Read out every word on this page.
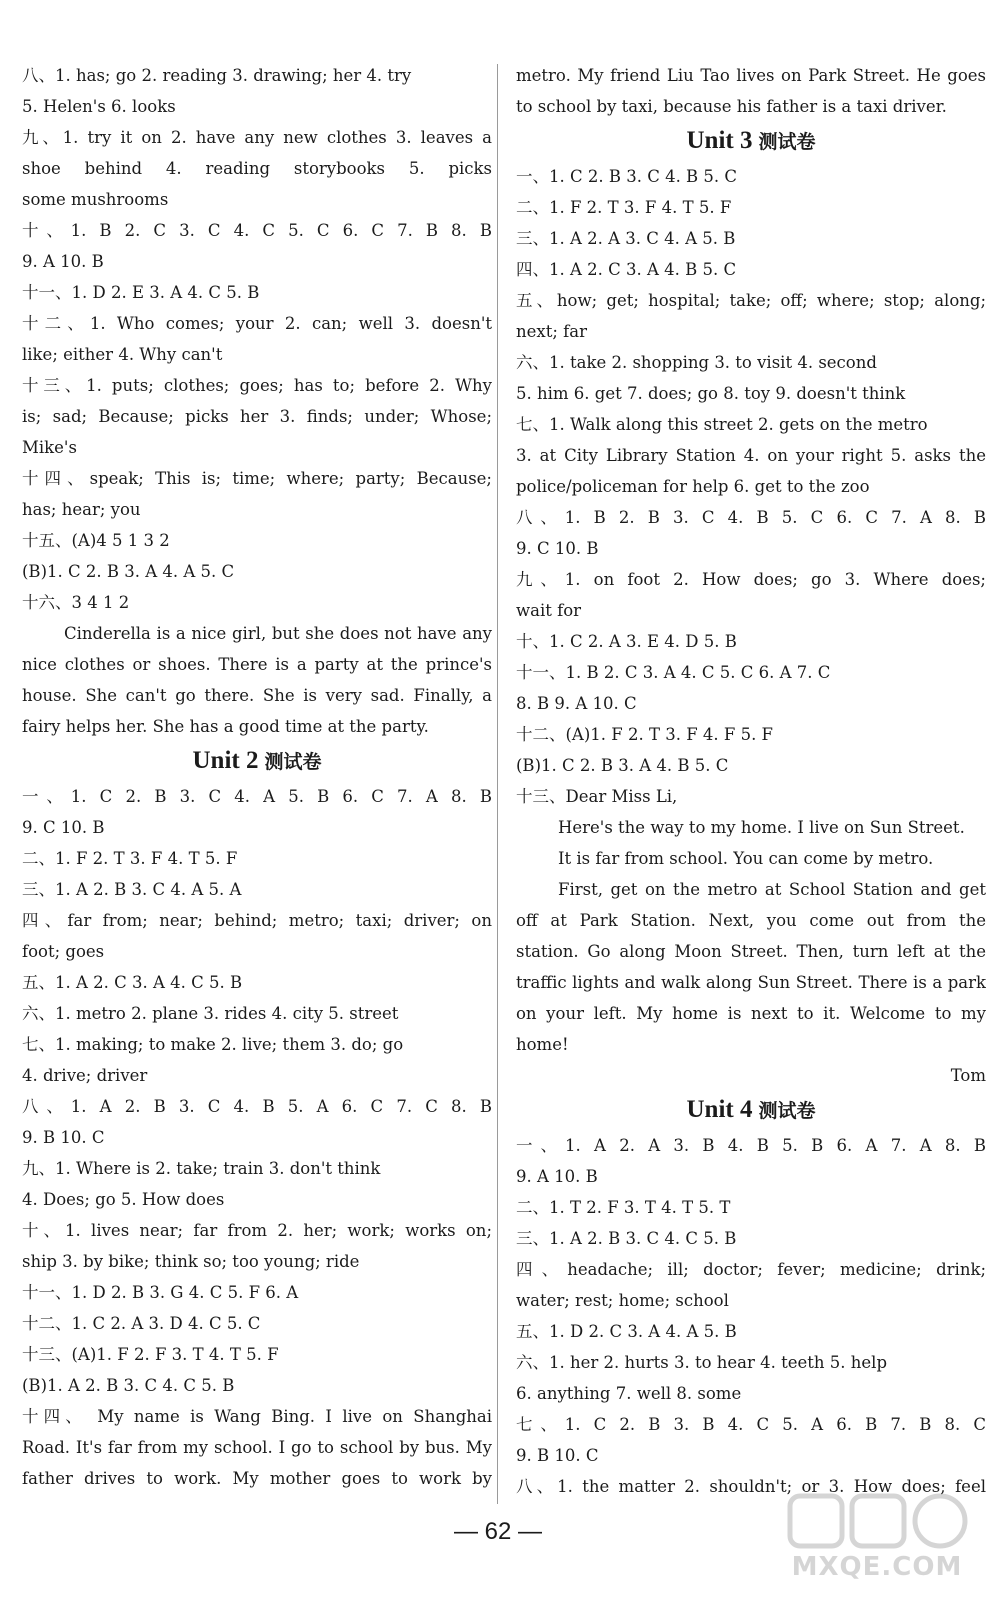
八、1. has; go 2. reading 3. drawing; her 4. try
5. Helen's 6. looks
九、1. try it on 2. have any new clothes 3. leaves a
shoe behind 4. reading storybooks 5. picks
some mushrooms
十、1. B 2. C 3. C 4. C 5. C 6. C 7. B 8. B
9. A 10. B
十一、1. D 2. E 3. A 4. C 5. B
十二、1. Who comes; your 2. can; well 3. doesn't
like; either 4. Why can't
十三、1. puts; clothes; goes; has to; before 2. Why
is; sad; Because; picks her 3. finds; under; Whose;
Mike's
十四、speak; This is; time; where; party; Because;
has; hear; you
十五、(A)4 5 1 3 2
(B)1. C 2. B 3. A 4. A 5. C
十六、3 4 1 2
Cinderella is a nice girl, but she does not have any
nice clothes or shoes. There is a party at the prince's
house. She can't go there. She is very sad. Finally, a
fairy helps her. She has a good time at the party.
Unit 2 测试卷
一、1. C 2. B 3. C 4. A 5. B 6. C 7. A 8. B
9. C 10. B
二、1. F 2. T 3. F 4. T 5. F
三、1. A 2. B 3. C 4. A 5. A
四、far from; near; behind; metro; taxi; driver; on
foot; goes
五、1. A 2. C 3. A 4. C 5. B
六、1. metro 2. plane 3. rides 4. city 5. street
七、1. making; to make 2. live; them 3. do; go
4. drive; driver
八、1. A 2. B 3. C 4. B 5. A 6. C 7. C 8. B
9. B 10. C
九、1. Where is 2. take; train 3. don't think
4. Does; go 5. How does
十、1. lives near; far from 2. her; work; works on;
ship 3. by bike; think so; too young; ride
十一、1. D 2. B 3. G 4. C 5. F 6. A
十二、1. C 2. A 3. D 4. C 5. C
十三、(A)1. F 2. F 3. T 4. T 5. F
(B)1. A 2. B 3. C 4. C 5. B
十四、 My name is Wang Bing. I live on Shanghai
Road. It's far from my school. I go to school by bus. My
father drives to work. My mother goes to work by
metro. My friend Liu Tao lives on Park Street. He goes
to school by taxi, because his father is a taxi driver.
Unit 3 测试卷
一、1. C 2. B 3. C 4. B 5. C
二、1. F 2. T 3. F 4. T 5. F
三、1. A 2. A 3. C 4. A 5. B
四、1. A 2. C 3. A 4. B 5. C
五、how; get; hospital; take; off; where; stop; along;
next; far
六、1. take 2. shopping 3. to visit 4. second
5. him 6. get 7. does; go 8. toy 9. doesn't think
七、1. Walk along this street 2. gets on the metro
3. at City Library Station 4. on your right 5. asks the
police/policeman for help 6. get to the zoo
八、1. B 2. B 3. C 4. B 5. C 6. C 7. A 8. B
9. C 10. B
九、1. on foot 2. How does; go 3. Where does;
wait for
十、1. C 2. A 3. E 4. D 5. B
十一、1. B 2. C 3. A 4. C 5. C 6. A 7. C
8. B 9. A 10. C
十二、(A)1. F 2. T 3. F 4. F 5. F
(B)1. C 2. B 3. A 4. B 5. C
十三、Dear Miss Li,
Here's the way to my home. I live on Sun Street.
It is far from school. You can come by metro.
First, get on the metro at School Station and get
off at Park Station. Next, you come out from the
station. Go along Moon Street. Then, turn left at the
traffic lights and walk along Sun Street. There is a park
on your left. My home is next to it. Welcome to my
home!
Tom
Unit 4 测试卷
一、1. A 2. A 3. B 4. B 5. B 6. A 7. A 8. B
9. A 10. B
二、1. T 2. F 3. T 4. T 5. T
三、1. A 2. B 3. C 4. C 5. B
四、headache; ill; doctor; fever; medicine; drink;
water; rest; home; school
五、1. D 2. C 3. A 4. A 5. B
六、1. her 2. hurts 3. to hear 4. teeth 5. help
6. anything 7. well 8. some
七、1. C 2. B 3. B 4. C 5. A 6. B 7. B 8. C
9. B 10. C
八、1. the matter 2. shouldn't; or 3. How does; feel
— 62 —
MXQE.COM
